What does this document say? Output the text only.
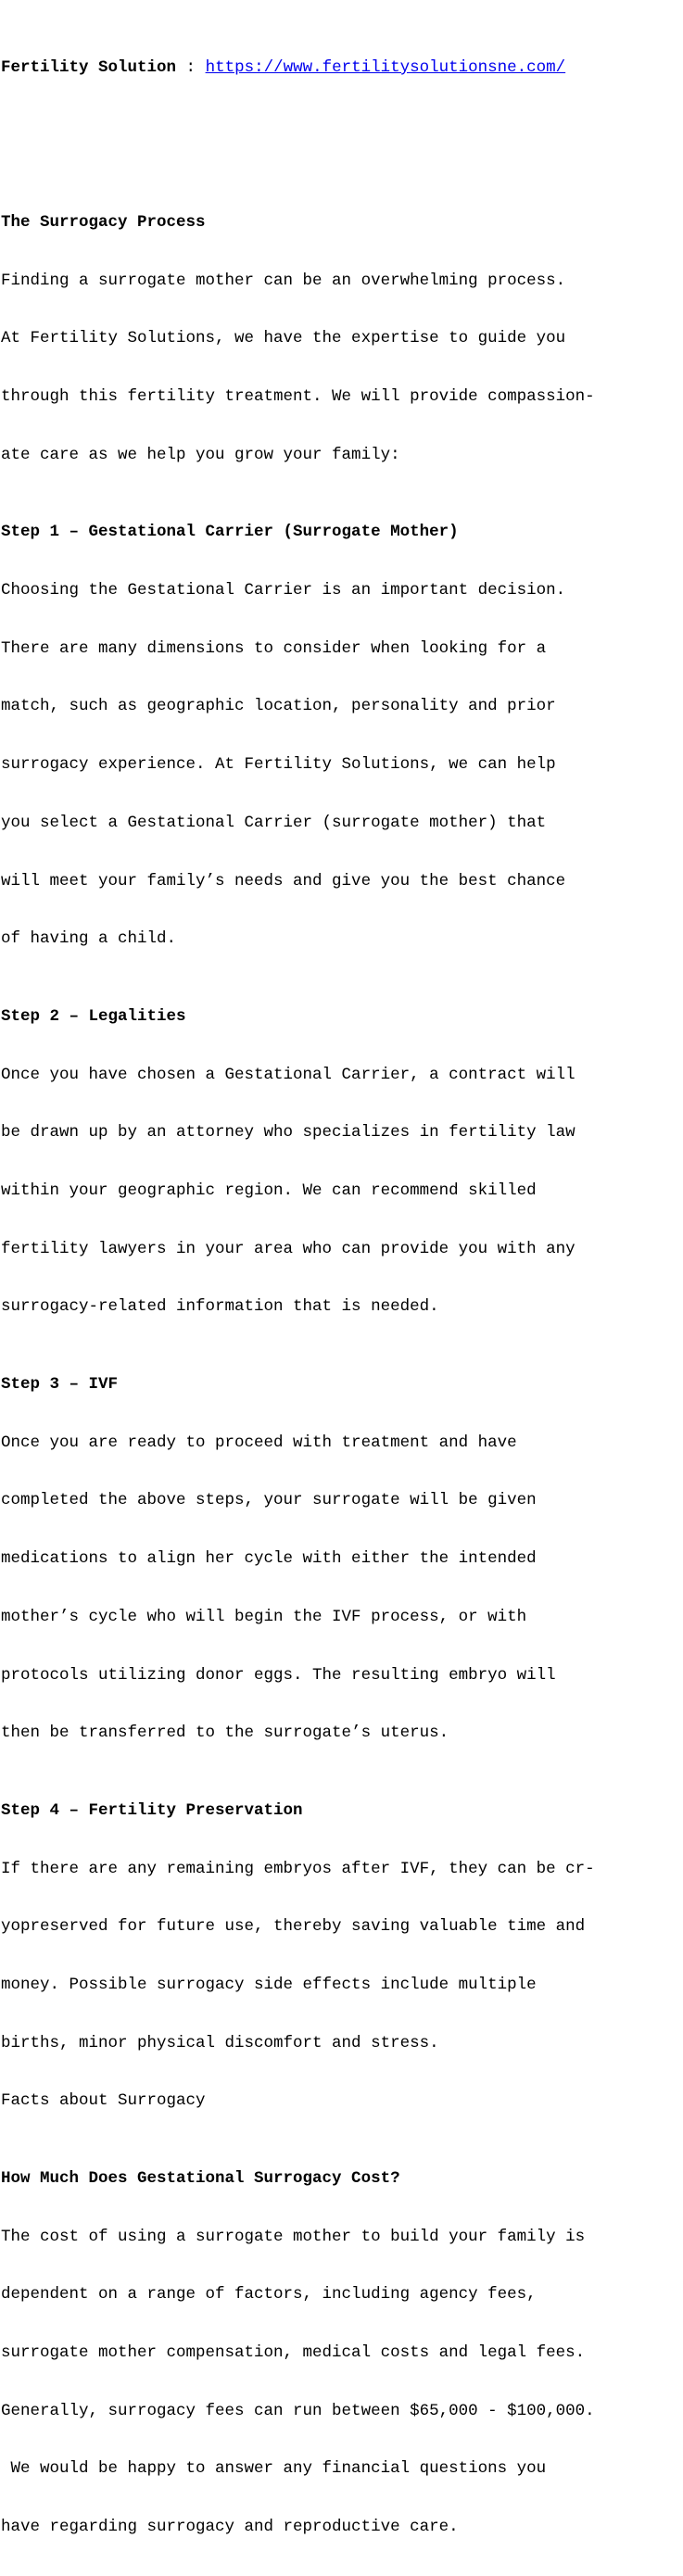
Fertility Solution : https://www.fertilitysolutionsne.com/

The Surrogacy Process

Finding a surrogate mother can be an overwhelming process.

At Fertility Solutions, we have the expertise to guide you

through this fertility treatment. We will provide compassion-

ate care as we help you grow your family:

Step 1 – Gestational Carrier (Surrogate Mother)

Choosing the Gestational Carrier is an important decision.

There are many dimensions to consider when looking for a

match, such as geographic location, personality and prior

surrogacy experience. At Fertility Solutions, we can help

you select a Gestational Carrier (surrogate mother) that

will meet your family’s needs and give you the best chance

of having a child.

Step 2 – Legalities

Once you have chosen a Gestational Carrier, a contract will

be drawn up by an attorney who specializes in fertility law

within your geographic region. We can recommend skilled

fertility lawyers in your area who can provide you with any

surrogacy-related information that is needed.

Step 3 – IVF

Once you are ready to proceed with treatment and have

completed the above steps, your surrogate will be given

medications to align her cycle with either the intended

mother’s cycle who will begin the IVF process, or with

protocols utilizing donor eggs. The resulting embryo will

then be transferred to the surrogate’s uterus.

Step 4 – Fertility Preservation

If there are any remaining embryos after IVF, they can be cr-

yopreserved for future use, thereby saving valuable time and

money. Possible surrogacy side effects include multiple

births, minor physical discomfort and stress.

Facts about Surrogacy

How Much Does Gestational Surrogacy Cost?

The cost of using a surrogate mother to build your family is

dependent on a range of factors, including agency fees,

surrogate mother compensation, medical costs and legal fees.

Generally, surrogacy fees can run between $65,000 - $100,000.

We would be happy to answer any financial questions you

have regarding surrogacy and reproductive care.
